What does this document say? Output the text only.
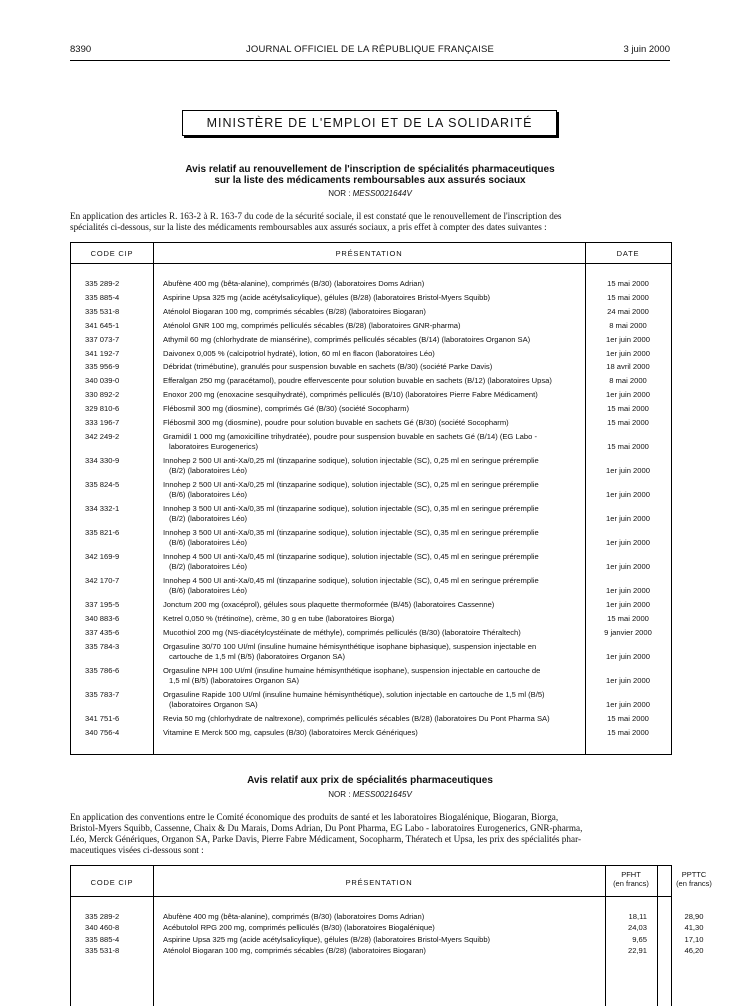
8390	JOURNAL OFFICIEL DE LA RÉPUBLIQUE FRANÇAISE	3 juin 2000
MINISTÈRE DE L'EMPLOI ET DE LA SOLIDARITÉ
Avis relatif au renouvellement de l'inscription de spécialités pharmaceutiques
sur la liste des médicaments remboursables aux assurés sociaux
NOR : MESS0021644V
En application des articles R. 163-2 à R. 163-7 du code de la sécurité sociale, il est constaté que le renouvellement de l'inscription des
spécialités ci-dessous, sur la liste des médicaments remboursables aux assurés sociaux, a pris effet à compter des dates suivantes :
CODE CIP	PRÉSENTATION	DATE
335 289-2	Abufène 400 mg (bêta-alanine), comprimés (B/30) (laboratoires Doms Adrian)	15 mai 2000
335 885-4	Aspirine Upsa 325 mg (acide acétylsalicylique), gélules (B/28) (laboratoires Bristol-Myers Squibb)	15 mai 2000
335 531-8	Aténolol Biogaran 100 mg, comprimés sécables (B/28) (laboratoires Biogaran)	24 mai 2000
341 645-1	Aténolol GNR 100 mg, comprimés pelliculés sécables (B/28) (laboratoires GNR-pharma)	8 mai 2000
337 073-7	Athymil 60 mg (chlorhydrate de miansérine), comprimés pelliculés sécables (B/14) (laboratoires Organon SA)	1er juin 2000
341 192-7	Daivonex 0,005 % (calcipotriol hydraté), lotion, 60 ml en flacon (laboratoires Léo)	1er juin 2000
335 956-9	Débridat (trimébutine), granulés pour suspension buvable en sachets (B/30) (société Parke Davis)	18 avril 2000
340 039-0	Efferalgan 250 mg (paracétamol), poudre effervescente pour solution buvable en sachets (B/12) (laboratoires Upsa)	8 mai 2000
330 892-2	Enoxor 200 mg (enoxacine sesquihydraté), comprimés pelliculés (B/10) (laboratoires Pierre Fabre Médicament)	1er juin 2000
329 810-6	Flébosmil 300 mg (diosmine), comprimés Gé (B/30) (société Socopharm)	15 mai 2000
333 196-7	Flébosmil 300 mg (diosmine), poudre pour solution buvable en sachets Gé (B/30) (société Socopharm)	15 mai 2000
342 249-2	Gramidil 1 000 mg (amoxicilline trihydratée), poudre pour suspension buvable en sachets Gé (B/14) (EG Labo -
laboratoires Eurogenerics)	15 mai 2000
334 330-9	Innohep 2 500 UI anti-Xa/0,25 ml (tinzaparine sodique), solution injectable (SC), 0,25 ml en seringue préremplie
(B/2) (laboratoires Léo)	1er juin 2000
335 824-5	Innohep 2 500 UI anti-Xa/0,25 ml (tinzaparine sodique), solution injectable (SC), 0,25 ml en seringue préremplie
(B/6) (laboratoires Léo)	1er juin 2000
334 332-1	Innohep 3 500 UI anti-Xa/0,35 ml (tinzaparine sodique), solution injectable (SC), 0,35 ml en seringue préremplie
(B/2) (laboratoires Léo)	1er juin 2000
335 821-6	Innohep 3 500 UI anti-Xa/0,35 ml (tinzaparine sodique), solution injectable (SC), 0,35 ml en seringue préremplie
(B/6) (laboratoires Léo)	1er juin 2000
342 169-9	Innohep 4 500 UI anti-Xa/0,45 ml (tinzaparine sodique), solution injectable (SC), 0,45 ml en seringue préremplie
(B/2) (laboratoires Léo)	1er juin 2000
342 170-7	Innohep 4 500 UI anti-Xa/0,45 ml (tinzaparine sodique), solution injectable (SC), 0,45 ml en seringue préremplie
(B/6) (laboratoires Léo)	1er juin 2000
337 195-5	Jonctum 200 mg (oxacéprol), gélules sous plaquette thermoformée (B/45) (laboratoires Cassenne)	1er juin 2000
340 883-6	Ketrel 0,050 % (trétinoïne), crème, 30 g en tube (laboratoires Biorga)	15 mai 2000
337 435-6	Mucothiol 200 mg (NS-diacétylcystéinate de méthyle), comprimés pelliculés (B/30) (laboratoire Théraltech)	9 janvier 2000
335 784-3	Orgasuline 30/70 100 UI/ml (insuline humaine hémisynthétique isophane biphasique), suspension injectable en
cartouche de 1,5 ml (B/5) (laboratoires Organon SA)	1er juin 2000
335 786-6	Orgasuline NPH 100 UI/ml (insuline humaine hémisynthétique isophane), suspension injectable en cartouche de
1,5 ml (B/5) (laboratoires Organon SA)	1er juin 2000
335 783-7	Orgasuline Rapide 100 UI/ml (insuline humaine hémisynthétique), solution injectable en cartouche de 1,5 ml (B/5)
(laboratoires Organon SA)	1er juin 2000
341 751-6	Revia 50 mg (chlorhydrate de naltrexone), comprimés pelliculés sécables (B/28) (laboratoires Du Pont Pharma SA)	15 mai 2000
340 756-4	Vitamine E Merck 500 mg, capsules (B/30) (laboratoires Merck Génériques)	15 mai 2000
Avis relatif aux prix de spécialités pharmaceutiques
NOR : MESS0021645V
En application des conventions entre le Comité économique des produits de santé et les laboratoires Biogalénique, Biogaran, Biorga,
Bristol-Myers Squibb, Cassenne, Chaix & Du Marais, Doms Adrian, Du Pont Pharma, EG Labo - laboratoires Eurogenerics, GNR-pharma,
Léo, Merck Génériques, Organon SA, Parke Davis, Pierre Fabre Médicament, Socopharm, Thératech et Upsa, les prix des spécialités phar-
maceutiques visées ci-dessous sont :
CODE CIP	PRÉSENTATION
PFHT
(en francs)
PPTTC
(en francs)
335 289-2	Abufène 400 mg (bêta-alanine), comprimés (B/30) (laboratoires Doms Adrian)	18,11	28,90
340 460-8	Acébutolol RPG 200 mg, comprimés pelliculés (B/30) (laboratoires Biogalénique)	24,03	41,30
335 885-4	Aspirine Upsa 325 mg (acide acétylsalicylique), gélules (B/28) (laboratoires Bristol-Myers Squibb)	9,65	17,10
335 531-8	Aténolol Biogaran 100 mg, comprimés sécables (B/28) (laboratoires Biogaran)	22,91	46,20
